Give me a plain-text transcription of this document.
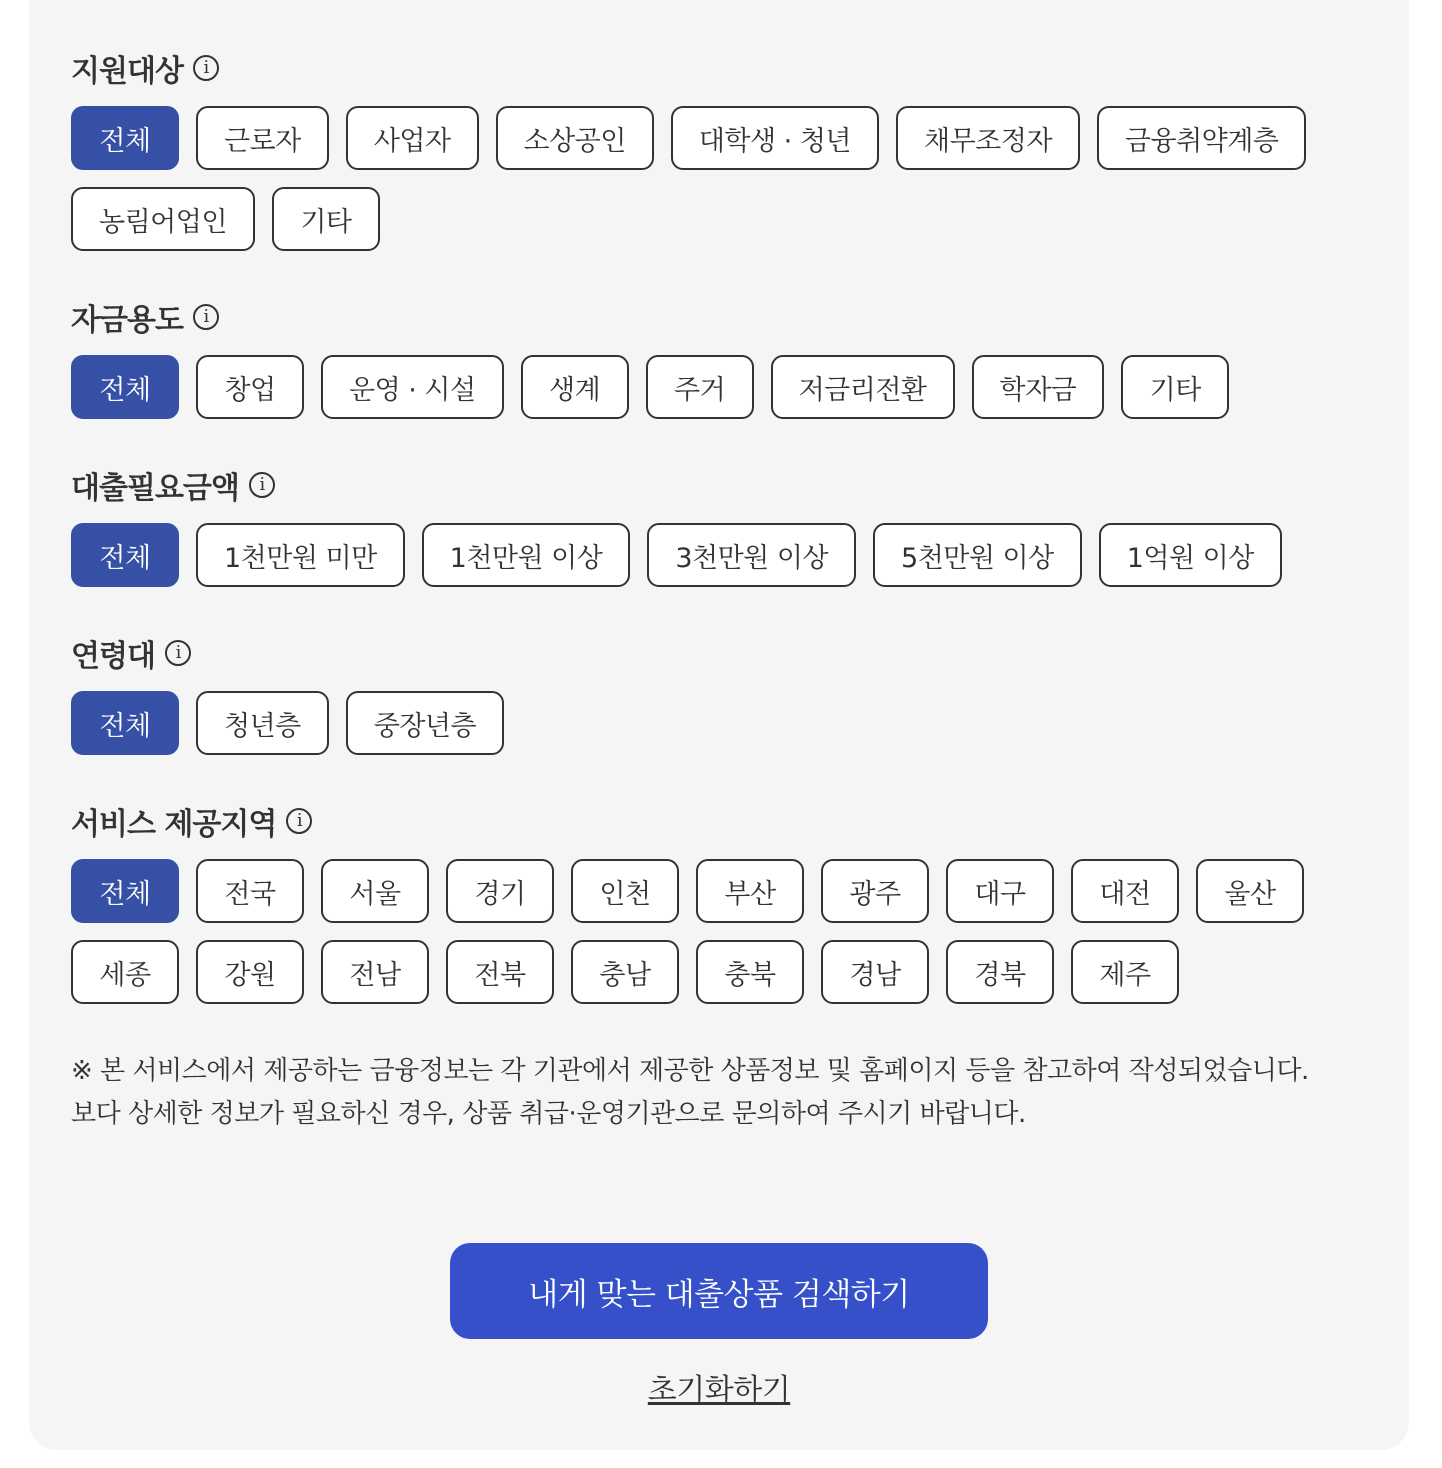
지원대상	i
전체	근로자	사업자	소상공인	대학생 · 청년	채무조정자	금융취약계층
농림어업인	기타
자금용도	i
전체	창업	운영 · 시설	생계	주거	저금리전환	학자금	기타
대출필요금액	i
전체	1천만원 미만	1천만원 이상	3천만원 이상	5천만원 이상	1억원 이상
연령대	i
전체	청년층	중장년층
서비스 제공지역	i
전체	전국	서울	경기	인천	부산	광주	대구	대전	울산
세종	강원	전남	전북	충남	충북	경남	경북	제주
※ 본 서비스에서 제공하는 금융정보는 각 기관에서 제공한 상품정보 및 홈페이지 등을 참고하여 작성되었습니다.
보다 상세한 정보가 필요하신 경우, 상품 취급·운영기관으로 문의하여 주시기 바랍니다.
내게 맞는 대출상품 검색하기
초기화하기
